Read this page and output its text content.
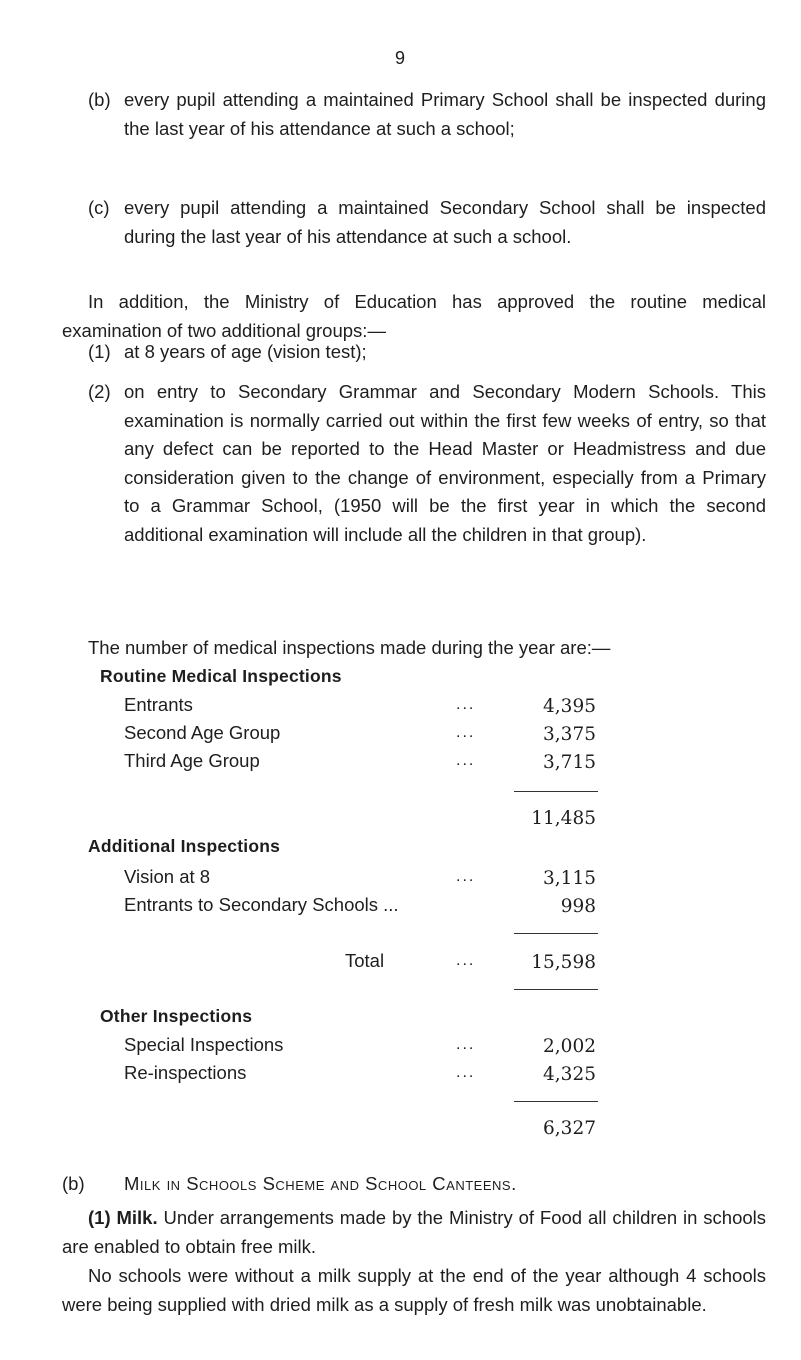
9
(b) every pupil attending a maintained Primary School shall be inspected during the last year of his attendance at such a school;

(c) every pupil attending a maintained Secondary School shall be inspected during the last year of his attendance at such a school.

In addition, the Ministry of Education has approved the routine medical examination of two additional groups:—

(1) at 8 years of age (vision test);

(2) on entry to Secondary Grammar and Secondary Modern Schools. This examination is normally carried out within the first few weeks of entry, so that any defect can be reported to the Head Master or Headmistress and due consideration given to the change of environment, especially from a Primary to a Grammar School, (1950 will be the first year in which the second additional examination will include all the children in that group).

The number of medical inspections made during the year are:—

Routine Medical Inspections
Entrants	...	4,395
Second Age Group	...	3,375
Third Age Group	...	3,715
11,485
Additional Inspections
Vision at 8	...	3,115
Entrants to Secondary Schools ...	998
Total	...	15,598
Other Inspections
Special Inspections	...	2,002
Re-inspections	...	4,325
6,327
(b) Milk in Schools Scheme and School Canteens.

(1) Milk. Under arrangements made by the Ministry of Food all children in schools are enabled to obtain free milk.

No schools were without a milk supply at the end of the year although 4 schools were being supplied with dried milk as a supply of fresh milk was unobtainable.
